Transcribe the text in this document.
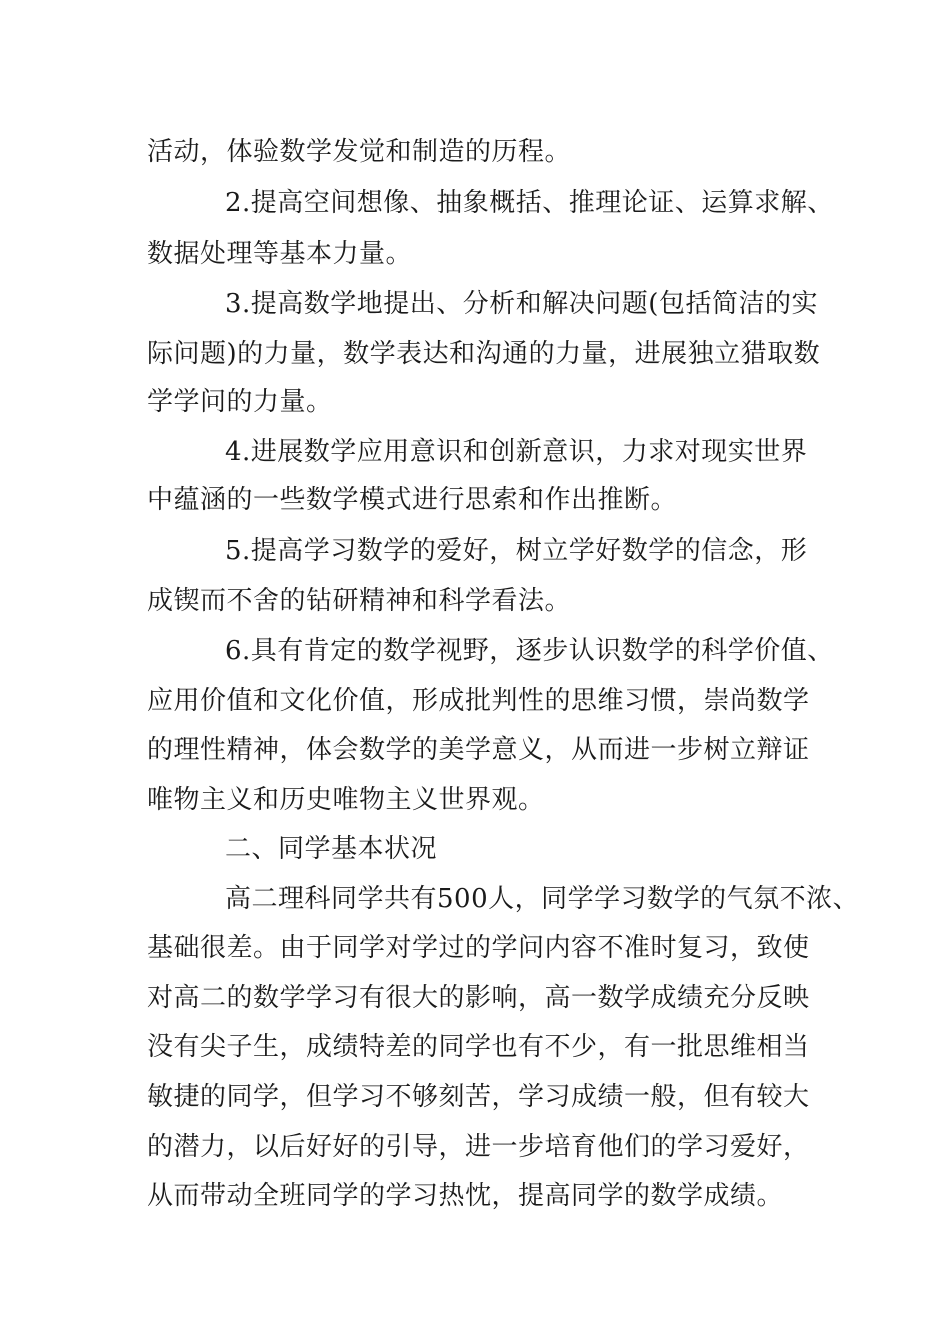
活动，体验数学发觉和制造的历程。
2.提高空间想像、抽象概括、推理论证、运算求解、
数据处理等基本力量。
3.提高数学地提出、分析和解决问题(包括简洁的实
际问题)的力量，数学表达和沟通的力量，进展独立猎取数
学学问的力量。
4.进展数学应用意识和创新意识，力求对现实世界
中蕴涵的一些数学模式进行思索和作出推断。
5.提高学习数学的爱好，树立学好数学的信念，形
成锲而不舍的钻研精神和科学看法。
6.具有肯定的数学视野，逐步认识数学的科学价值、
应用价值和文化价值，形成批判性的思维习惯，崇尚数学
的理性精神，体会数学的美学意义，从而进一步树立辩证
唯物主义和历史唯物主义世界观。
二、同学基本状况
高二理科同学共有500人，同学学习数学的气氛不浓、
基础很差。由于同学对学过的学问内容不准时复习，致使
对高二的数学学习有很大的影响，高一数学成绩充分反映
没有尖子生，成绩特差的同学也有不少，有一批思维相当
敏捷的同学，但学习不够刻苦，学习成绩一般，但有较大
的潜力，以后好好的引导，进一步培育他们的学习爱好，
从而带动全班同学的学习热忱，提高同学的数学成绩。
